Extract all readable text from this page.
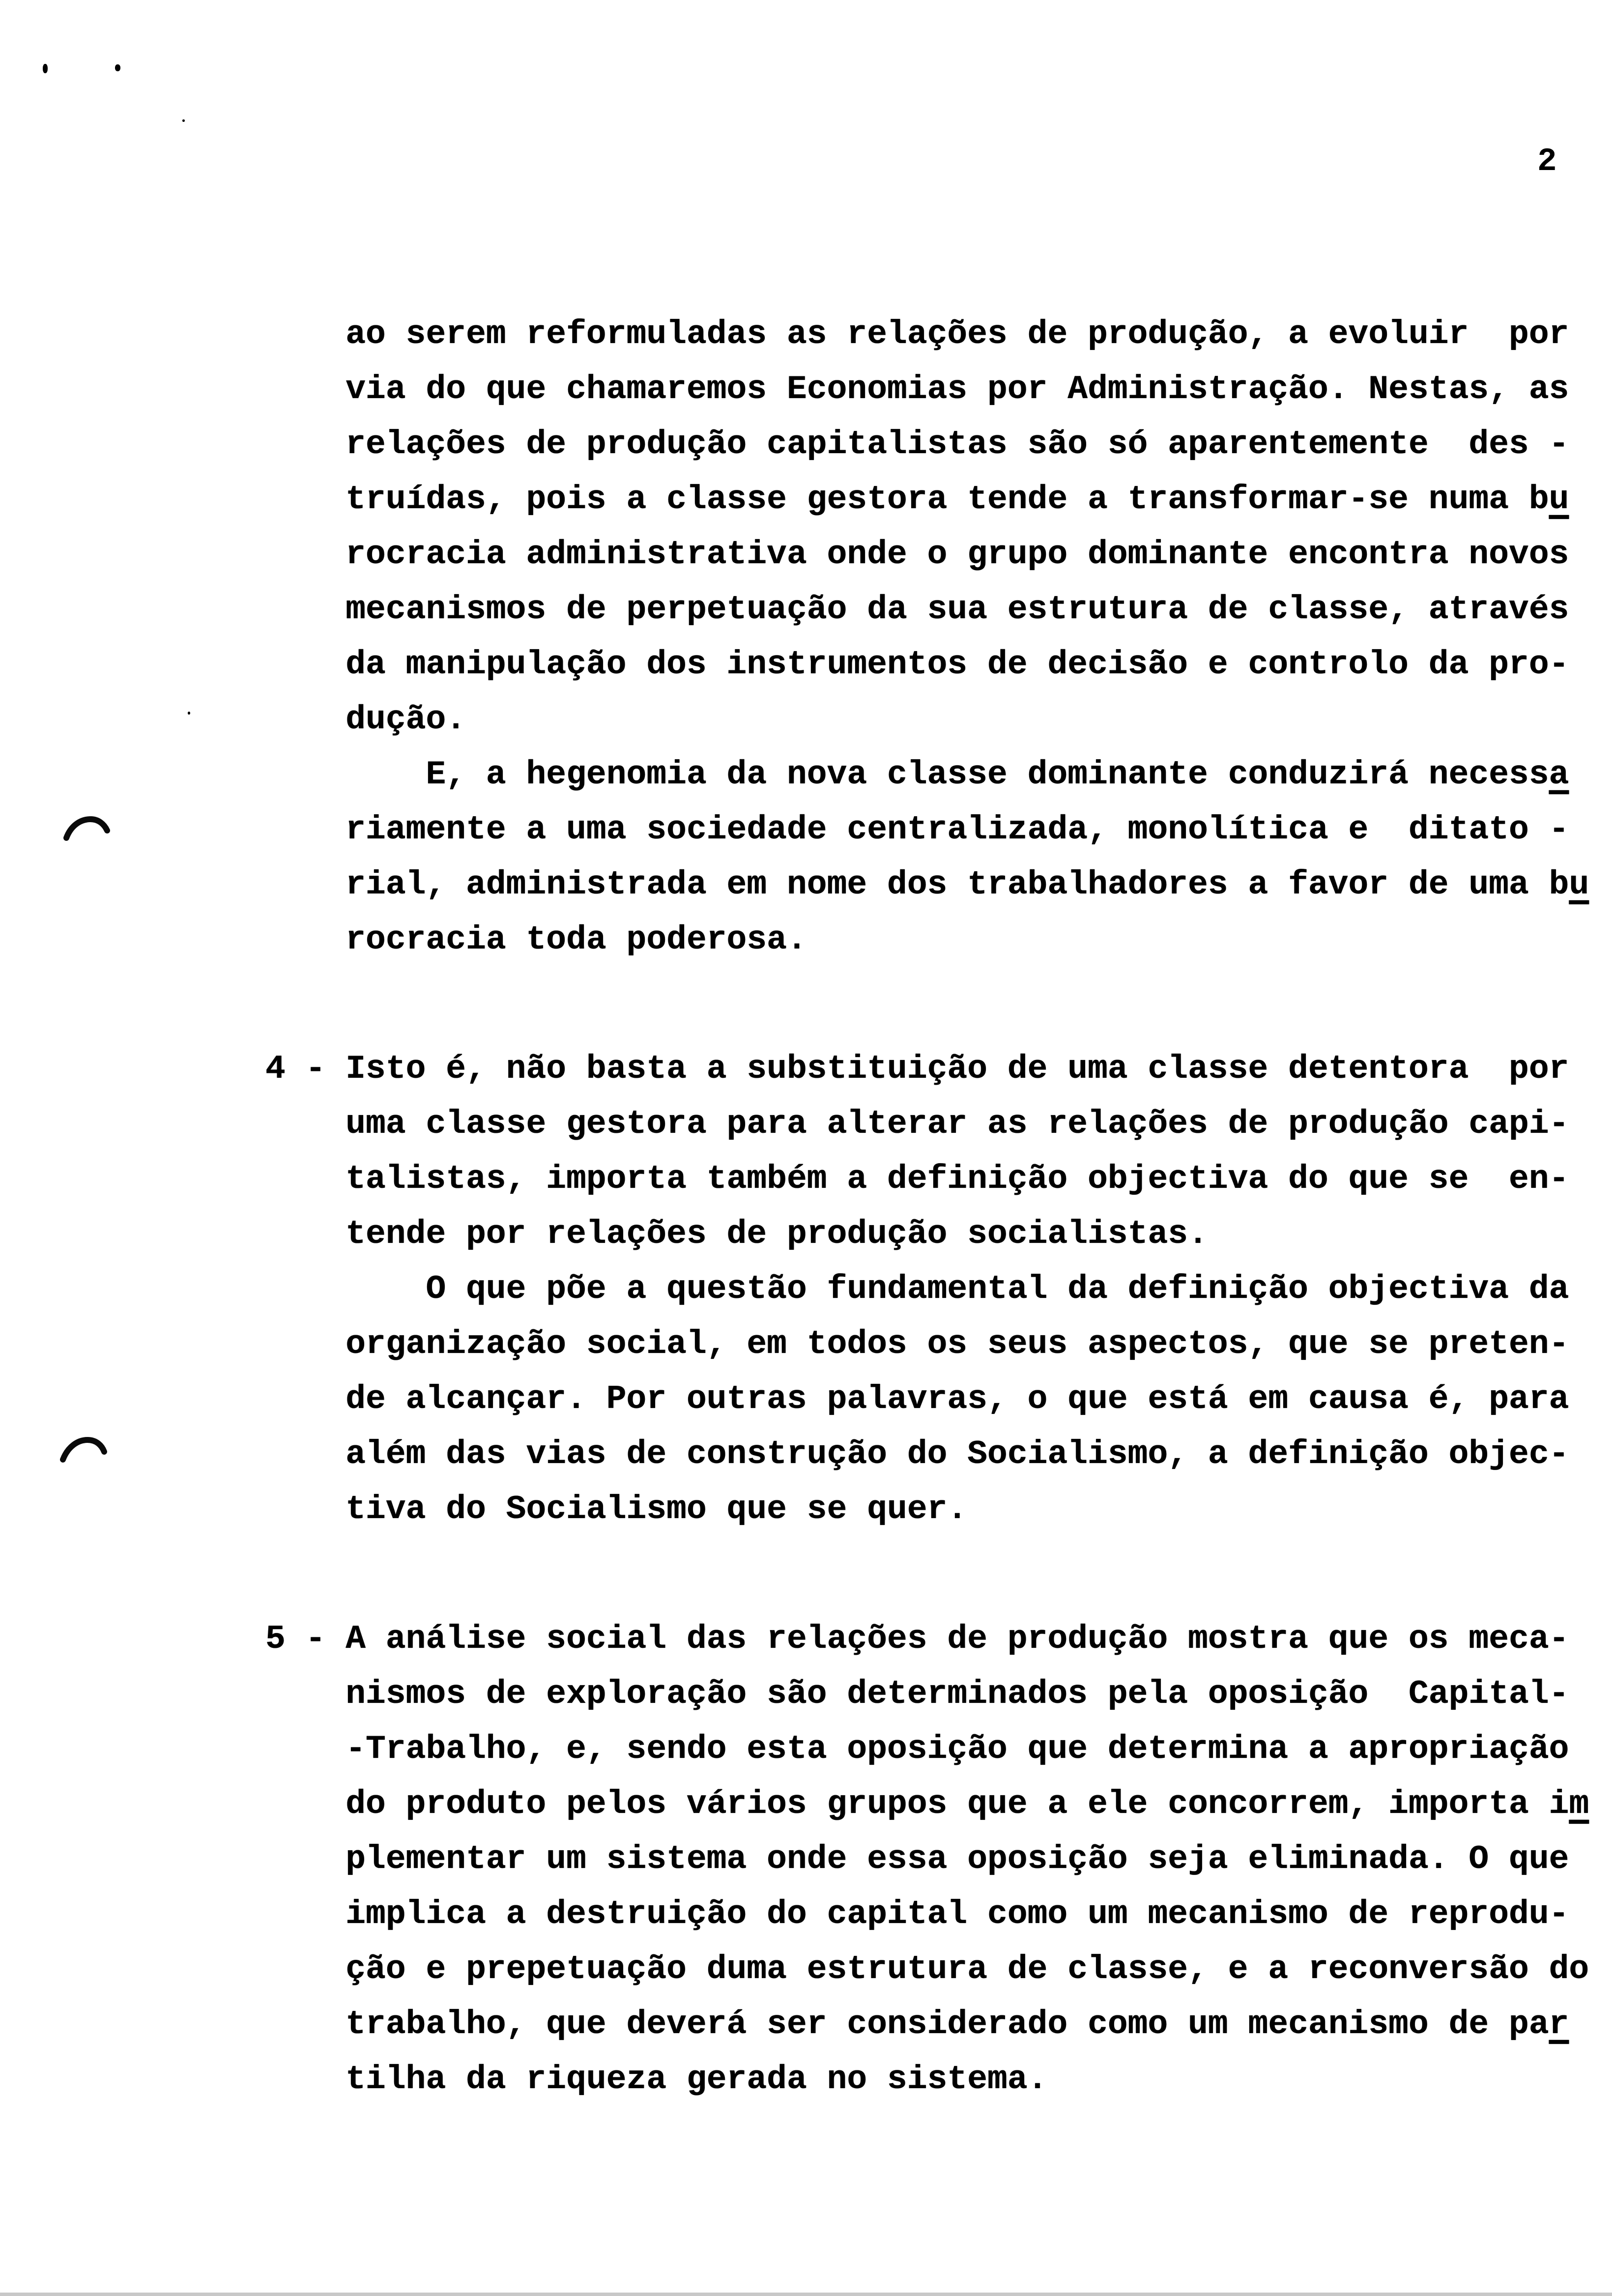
2
ao serem reformuladas as relações de produção, a evoluir  por
via do que chamaremos Economias por Administração. Nestas, as
relações de produção capitalistas são só aparentemente  des -
truídas, pois a classe gestora tende a transformar-se numa bu
rocracia administrativa onde o grupo dominante encontra novos
mecanismos de perpetuação da sua estrutura de classe, através
da manipulação dos instrumentos de decisão e controlo da pro-
dução.
E, a hegenomia da nova classe dominante conduzirá necessa
riamente a uma sociedade centralizada, monolítica e  ditato -
rial, administrada em nome dos trabalhadores a favor de uma bu
rocracia toda poderosa.
4 - Isto é, não basta a substituição de uma classe detentora  por
uma classe gestora para alterar as relações de produção capi-
talistas, importa também a definição objectiva do que se  en-
tende por relações de produção socialistas.
O que põe a questão fundamental da definição objectiva da
organização social, em todos os seus aspectos, que se preten-
de alcançar. Por outras palavras, o que está em causa é, para
além das vias de construção do Socialismo, a definição objec-
tiva do Socialismo que se quer.
5 - A análise social das relações de produção mostra que os meca-
nismos de exploração são determinados pela oposição  Capital-
-Trabalho, e, sendo esta oposição que determina a apropriação
do produto pelos vários grupos que a ele concorrem, importa im
plementar um sistema onde essa oposição seja eliminada. O que
implica a destruição do capital como um mecanismo de reprodu-
ção e prepetuação duma estrutura de classe, e a reconversão do
trabalho, que deverá ser considerado como um mecanismo de par
tilha da riqueza gerada no sistema.
